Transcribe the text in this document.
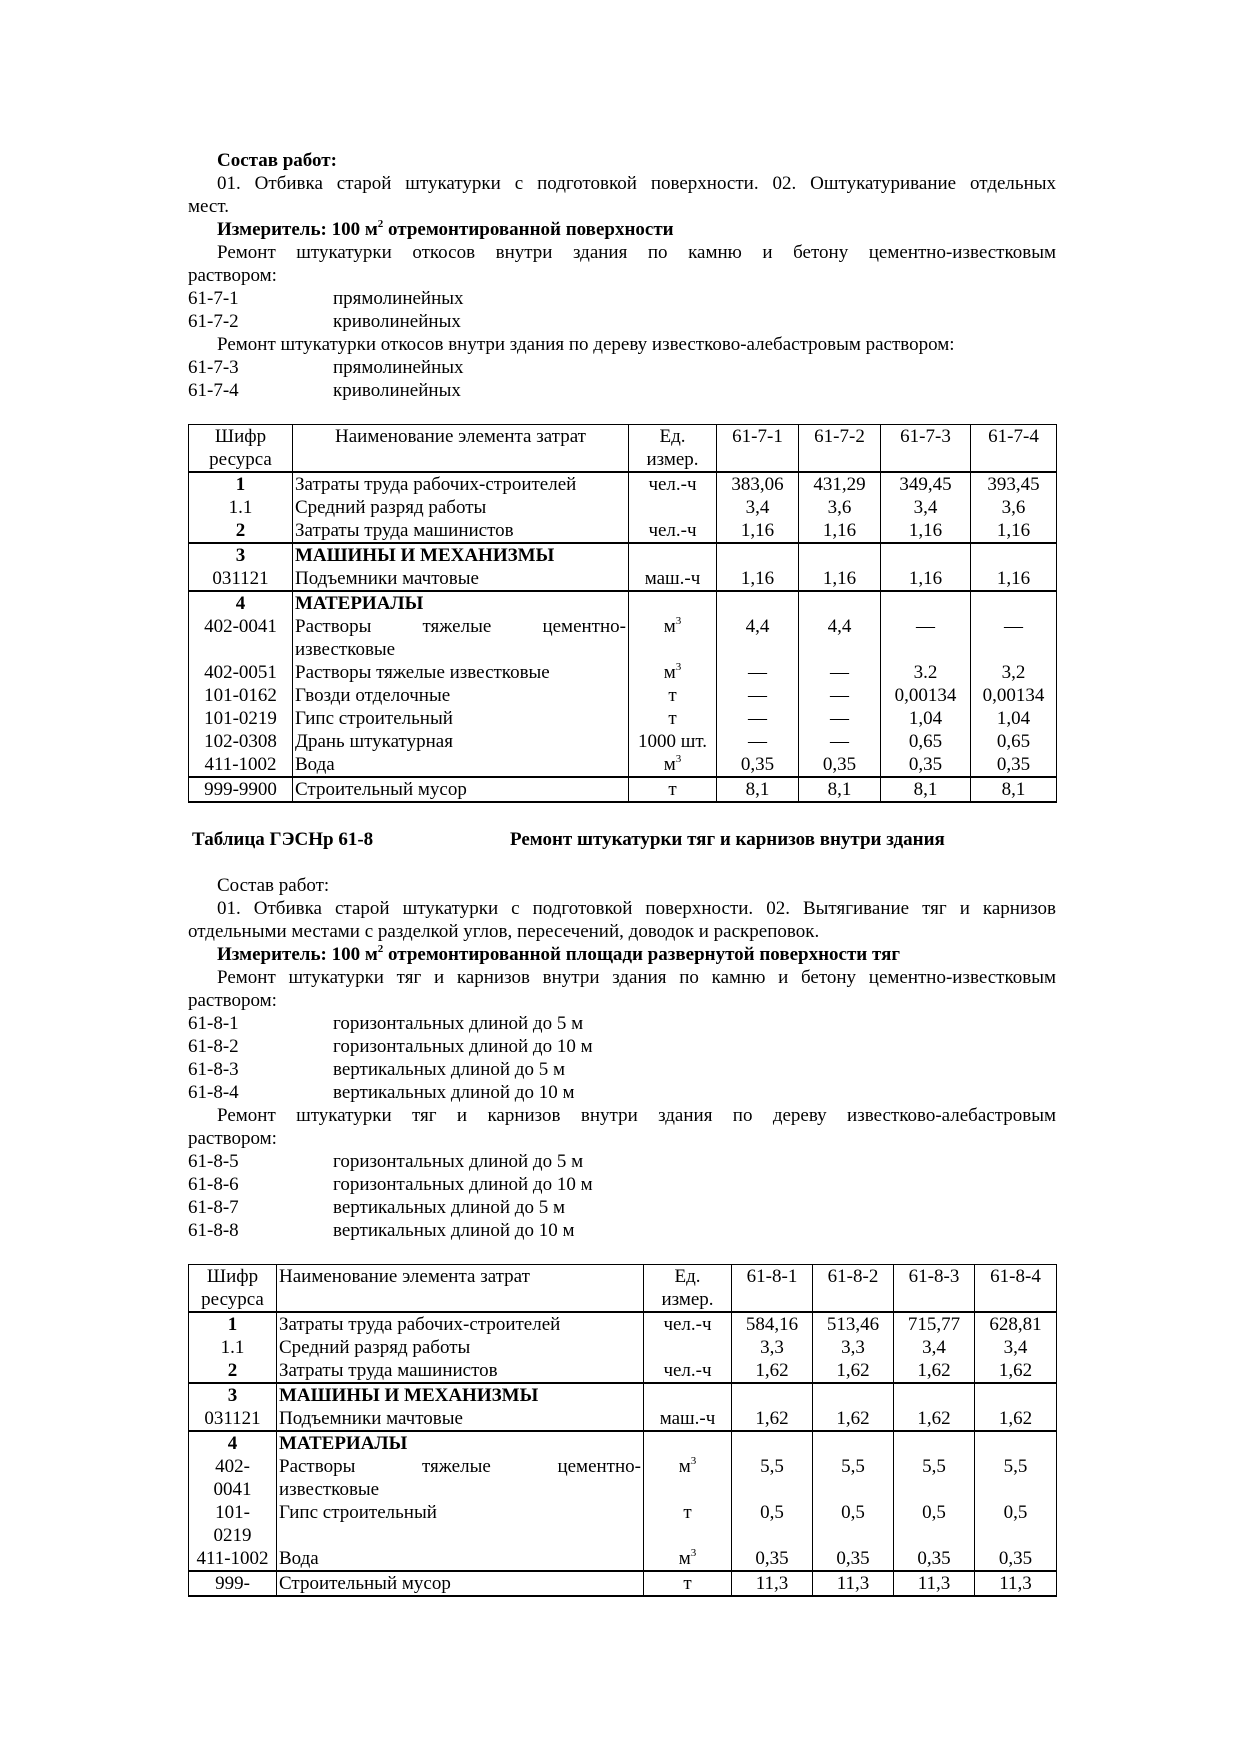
Состав работ:
01. Отбивка старой штукатурки с подготовкой поверхности. 02. Оштукатуривание отдельных
мест.
Измеритель: 100 $м^2$ отремонтированной поверхности
Ремонт штукатурки откосов внутри здания по камню и бетону цементно-известковым
раствором:
61-7-1	прямолинейных
61-7-2	криволинейных
Ремонт штукатурки откосов внутри здания по дереву известково-алебастровым раствором:
61-7-3	прямолинейных
61-7-4	криволинейных
Шифр	Наименование элемента затрат	Ед.	61-7-1	61-7-2	61-7-3	61-7-4
ресурса		измер.				
1	Затраты труда рабочих-строителей	чел.-ч	383,06	431,29	349,45	393,45
1.1	Средний разряд работы		3,4	3,6	3,4	3,6
2	Затраты труда машинистов	чел.-ч	1,16	1,16	1,16	1,16
3	МАШИНЫ И МЕХАНИЗМЫ					
031121	Подъемники мачтовые	маш.-ч	1,16	1,16	1,16	1,16
4	МАТЕРИАЛЫ					
402-0041	Растворы тяжелые цементно-	$м^3$	4,4	4,4	—	—
	известковые					
402-0051	Растворы тяжелые известковые	$м^3$	—	—	3.2	3,2
101-0162	Гвозди отделочные	т	—	—	0,00134	0,00134
101-0219	Гипс строительный	т	—	—	1,04	1,04
102-0308	Дрань штукатурная	1000 шт.	—	—	0,65	0,65
411-1002	Вода	$м^3$	0,35	0,35	0,35	0,35
999-9900	Строительный мусор	т	8,1	8,1	8,1	8,1
Таблица ГЭСНр 61-8	Ремонт штукатурки тяг и карнизов внутри здания
Состав работ:
01. Отбивка старой штукатурки с подготовкой поверхности. 02. Вытягивание тяг и карнизов
отдельными местами с разделкой углов, пересечений, доводок и раскреповок.
Измеритель: 100 $м^2$ отремонтированной площади развернутой поверхности тяг
Ремонт штукатурки тяг и карнизов внутри здания по камню и бетону цементно-известковым
раствором:
61-8-1	горизонтальных длиной до 5 м
61-8-2	горизонтальных длиной до 10 м
61-8-3	вертикальных длиной до 5 м
61-8-4	вертикальных длиной до 10 м
Ремонт штукатурки тяг и карнизов внутри здания по дереву известково-алебастровым
раствором:
61-8-5	горизонтальных длиной до 5 м
61-8-6	горизонтальных длиной до 10 м
61-8-7	вертикальных длиной до 5 м
61-8-8	вертикальных длиной до 10 м
Шифр	Наименование элемента затрат	Ед.	61-8-1	61-8-2	61-8-3	61-8-4
ресурса		измер.				
1	Затраты труда рабочих-строителей	чел.-ч	584,16	513,46	715,77	628,81
1.1	Средний разряд работы		3,3	3,3	3,4	3,4
2	Затраты труда машинистов	чел.-ч	1,62	1,62	1,62	1,62
3	МАШИНЫ И МЕХАНИЗМЫ					
031121	Подъемники мачтовые	маш.-ч	1,62	1,62	1,62	1,62
4	МАТЕРИАЛЫ					
402-	Растворы тяжелые цементно-	$м^3$	5,5	5,5	5,5	5,5
0041	известковые					
101-	Гипс строительный	т	0,5	0,5	0,5	0,5
0219						
411-1002	Вода	$м^3$	0,35	0,35	0,35	0,35
999-	Строительный мусор	т	11,3	11,3	11,3	11,3
